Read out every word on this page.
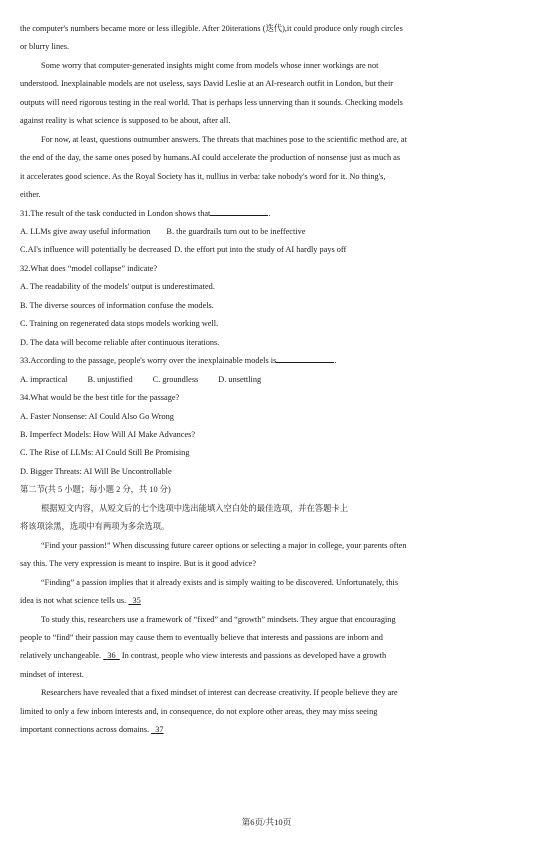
the computer's numbers became more or less illegible. After 20iterations (迭代),it could produce only rough circles
or blurry lines.
Some worry that computer-generated insights might come from models whose inner workings are not
understood. Inexplainable models are not useless, says David Leslie at an AI-research outfit in London, but their
outputs will need rigorous testing in the real world. That is perhaps less unnerving than it sounds. Checking models
against reality is what science is supposed to be about, after all.
For now, at least, questions outnumber answers. The threats that machines pose to the scientific method are, at
the end of the day, the same ones posed by humans.AI could accelerate the production of nonsense just as much as
it accelerates good science. As the Royal Society has it, nullius in verba: take nobody's word for it. No thing's,
either.
31.The result of the task conducted in London shows that	.
A. LLMs give away useful information B. the guardrails turn out to be ineffective
C.AI's influence will potentially be decreased D. the effort put into the study of AI hardly pays off
32.What does “model collapse” indicate?
A. The readability of the models' output is underestimated.
B. The diverse sources of information confuse the models.
C. Training on regenerated data stops models working well.
D. The data will become reliable after continuous iterations.
33.According to the passage, people's worry over the inexplainable models is	.
A. impractical B. unjustified C. groundless D. unsettling
34.What would be the best title for the passage?
A. Faster Nonsense: AI Could Also Go Wrong
B. Imperfect Models: How Will AI Make Advances?
C. The Rise of LLMs: AI Could Still Be Promising
D. Bigger Threats: AI Will Be Uncontrollable
第二节(共 5 小题；每小题 2 分，共 10 分)
根据短文内容，从短文后的七个选项中选出能填入空白处的最佳选项，并在答题卡上
将该项涂黑，选项中有两项为多余选项。
“Find your passion!” When discussing future career options or selecting a major in college, your parents often
say this. The very expression is meant to inspire. But is it good advice?
“Finding” a passion implies that it already exists and is simply waiting to be discovered. Unfortunately, this
idea is not what science tells us. 35
To study this, researchers use a framework of “fixed” and “growth” mindsets. They argue that encouraging
people to “find” their passion may cause them to eventually believe that interests and passions are inborn and
relatively unchangeable. 36 In contrast, people who view interests and passions as developed have a growth
mindset of interest.
Researchers have revealed that a fixed mindset of interest can decrease creativity. If people believe they are
limited to only a few inborn interests and, in consequence, do not explore other areas, they may miss seeing
important connections across domains. 37
第6页/共10页
